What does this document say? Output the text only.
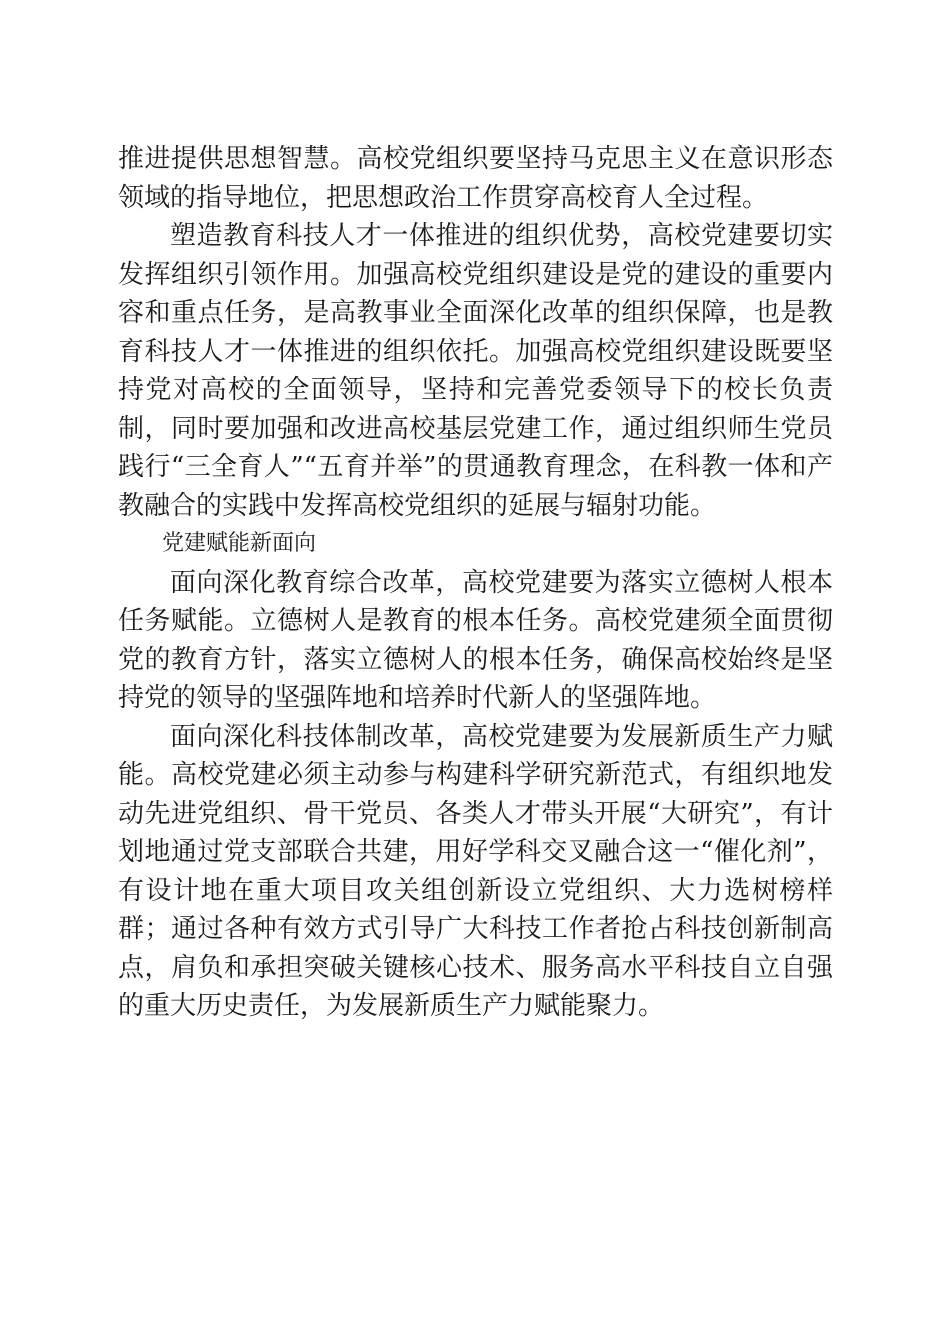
推进提供思想智慧。高校党组织要坚持马克思主义在意识形态领域的指导地位，把思想政治工作贯穿高校育人全过程。

塑造教育科技人才一体推进的组织优势，高校党建要切实发挥组织引领作用。加强高校党组织建设是党的建设的重要内容和重点任务，是高教事业全面深化改革的组织保障，也是教育科技人才一体推进的组织依托。加强高校党组织建设既要坚持党对高校的全面领导，坚持和完善党委领导下的校长负责制，同时要加强和改进高校基层党建工作，通过组织师生党员践行“三全育人”“五育并举”的贯通教育理念，在科教一体和产教融合的实践中发挥高校党组织的延展与辐射功能。

党建赋能新面向

面向深化教育综合改革，高校党建要为落实立德树人根本任务赋能。立德树人是教育的根本任务。高校党建须全面贯彻党的教育方针，落实立德树人的根本任务，确保高校始终是坚持党的领导的坚强阵地和培养时代新人的坚强阵地。

面向深化科技体制改革，高校党建要为发展新质生产力赋能。高校党建必须主动参与构建科学研究新范式，有组织地发动先进党组织、骨干党员、各类人才带头开展“大研究”，有计划地通过党支部联合共建，用好学科交叉融合这一“催化剂”，有设计地在重大项目攻关组创新设立党组织、大力选树榜样群；通过各种有效方式引导广大科技工作者抢占科技创新制高点，肩负和承担突破关键核心技术、服务高水平科技自立自强的重大历史责任，为发展新质生产力赋能聚力。
